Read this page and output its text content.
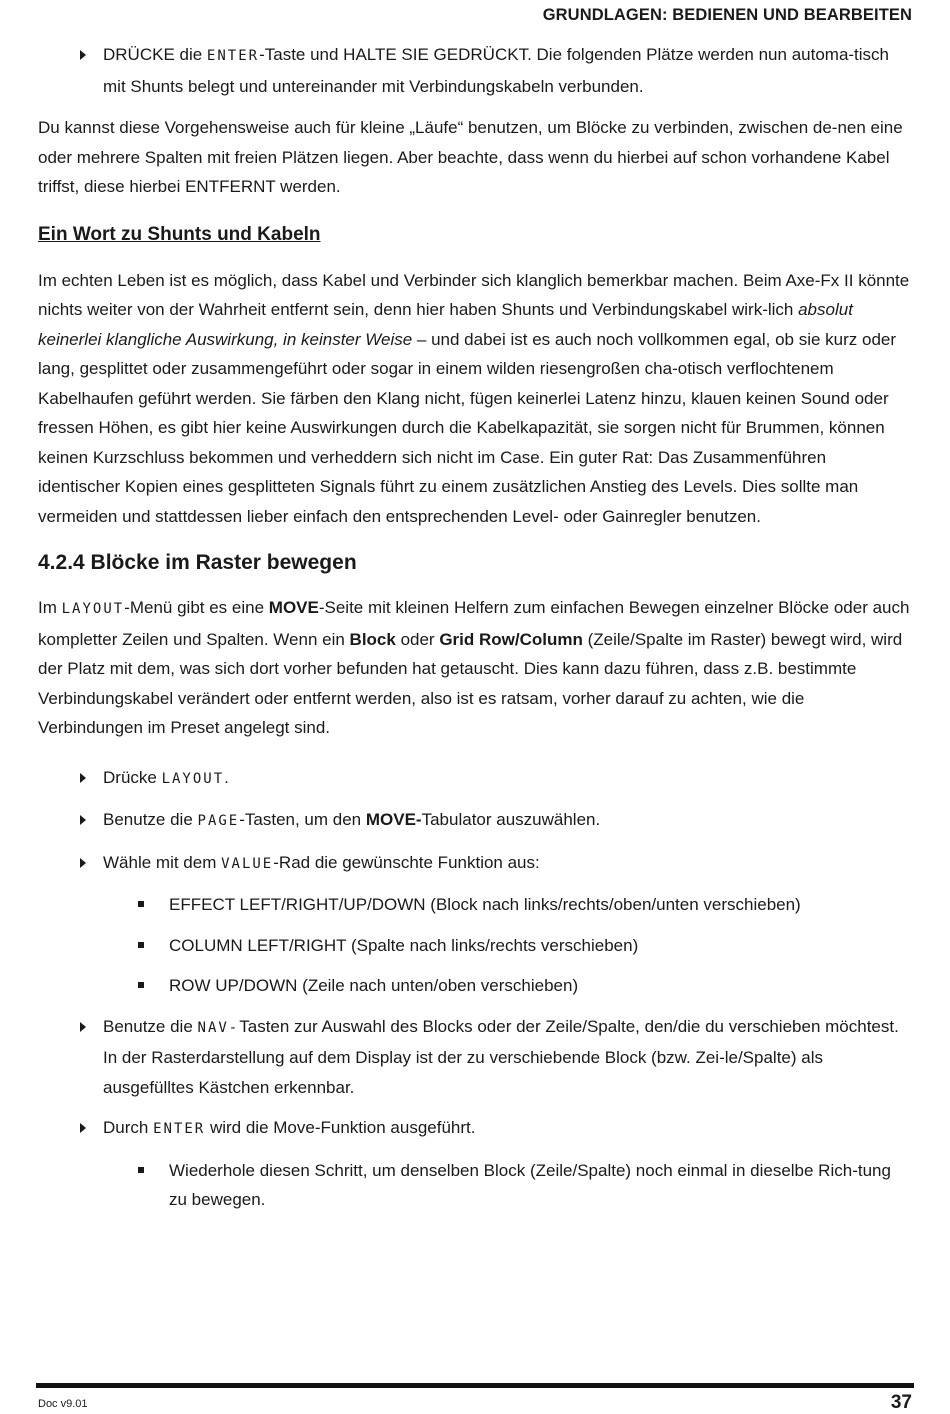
GRUNDLAGEN: BEDIENEN UND BEARBEITEN
DRÜCKE die ENTER-Taste und HALTE SIE GEDRÜCKT. Die folgenden Plätze werden nun automa-tisch mit Shunts belegt und untereinander mit Verbindungskabeln verbunden.

Du kannst diese Vorgehensweise auch für kleine „Läufe“ benutzen, um Blöcke zu verbinden, zwischen de-nen eine oder mehrere Spalten mit freien Plätzen liegen. Aber beachte, dass wenn du hierbei auf schon vorhandene Kabel triffst, diese hierbei ENTFERNT werden.

Ein Wort zu Shunts und Kabeln

Im echten Leben ist es möglich, dass Kabel und Verbinder sich klanglich bemerkbar machen. Beim Axe-Fx II könnte nichts weiter von der Wahrheit entfernt sein, denn hier haben Shunts und Verbindungskabel wirk-lich absolut keinerlei klangliche Auswirkung, in keinster Weise – und dabei ist es auch noch vollkommen egal, ob sie kurz oder lang, gesplittet oder zusammengeführt oder sogar in einem wilden riesengroßen cha-otisch verflochtenem Kabelhaufen geführt werden. Sie färben den Klang nicht, fügen keinerlei Latenz hinzu, klauen keinen Sound oder fressen Höhen, es gibt hier keine Auswirkungen durch die Kabelkapazität, sie sorgen nicht für Brummen, können keinen Kurzschluss bekommen und verheddern sich nicht im Case. Ein guter Rat: Das Zusammenführen identischer Kopien eines gesplitteten Signals führt zu einem zusätzlichen Anstieg des Levels. Dies sollte man vermeiden und stattdessen lieber einfach den entsprechenden Level- oder Gainregler benutzen.

4.2.4 Blöcke im Raster bewegen

Im LAYOUT-Menü gibt es eine MOVE-Seite mit kleinen Helfern zum einfachen Bewegen einzelner Blöcke oder auch kompletter Zeilen und Spalten. Wenn ein Block oder Grid Row/Column (Zeile/Spalte im Raster) bewegt wird, wird der Platz mit dem, was sich dort vorher befunden hat getauscht. Dies kann dazu führen, dass z.B. bestimmte Verbindungskabel verändert oder entfernt werden, also ist es ratsam, vorher darauf zu achten, wie die Verbindungen im Preset angelegt sind.

Drücke LAYOUT.
Benutze die PAGE-Tasten, um den MOVE-Tabulator auszuwählen.
Wähle mit dem VALUE-Rad die gewünschte Funktion aus:
EFFECT LEFT/RIGHT/UP/DOWN (Block nach links/rechts/oben/unten verschieben)
COLUMN LEFT/RIGHT (Spalte nach links/rechts verschieben)
ROW UP/DOWN (Zeile nach unten/oben verschieben)
Benutze die NAV-Tasten zur Auswahl des Blocks oder der Zeile/Spalte, den/die du verschieben möchtest. In der Rasterdarstellung auf dem Display ist der zu verschiebende Block (bzw. Zei-le/Spalte) als ausgefülltes Kästchen erkennbar.
Durch ENTER wird die Move-Funktion ausgeführt.
Wiederhole diesen Schritt, um denselben Block (Zeile/Spalte) noch einmal in dieselbe Rich-tung zu bewegen.
Doc v9.01	37
